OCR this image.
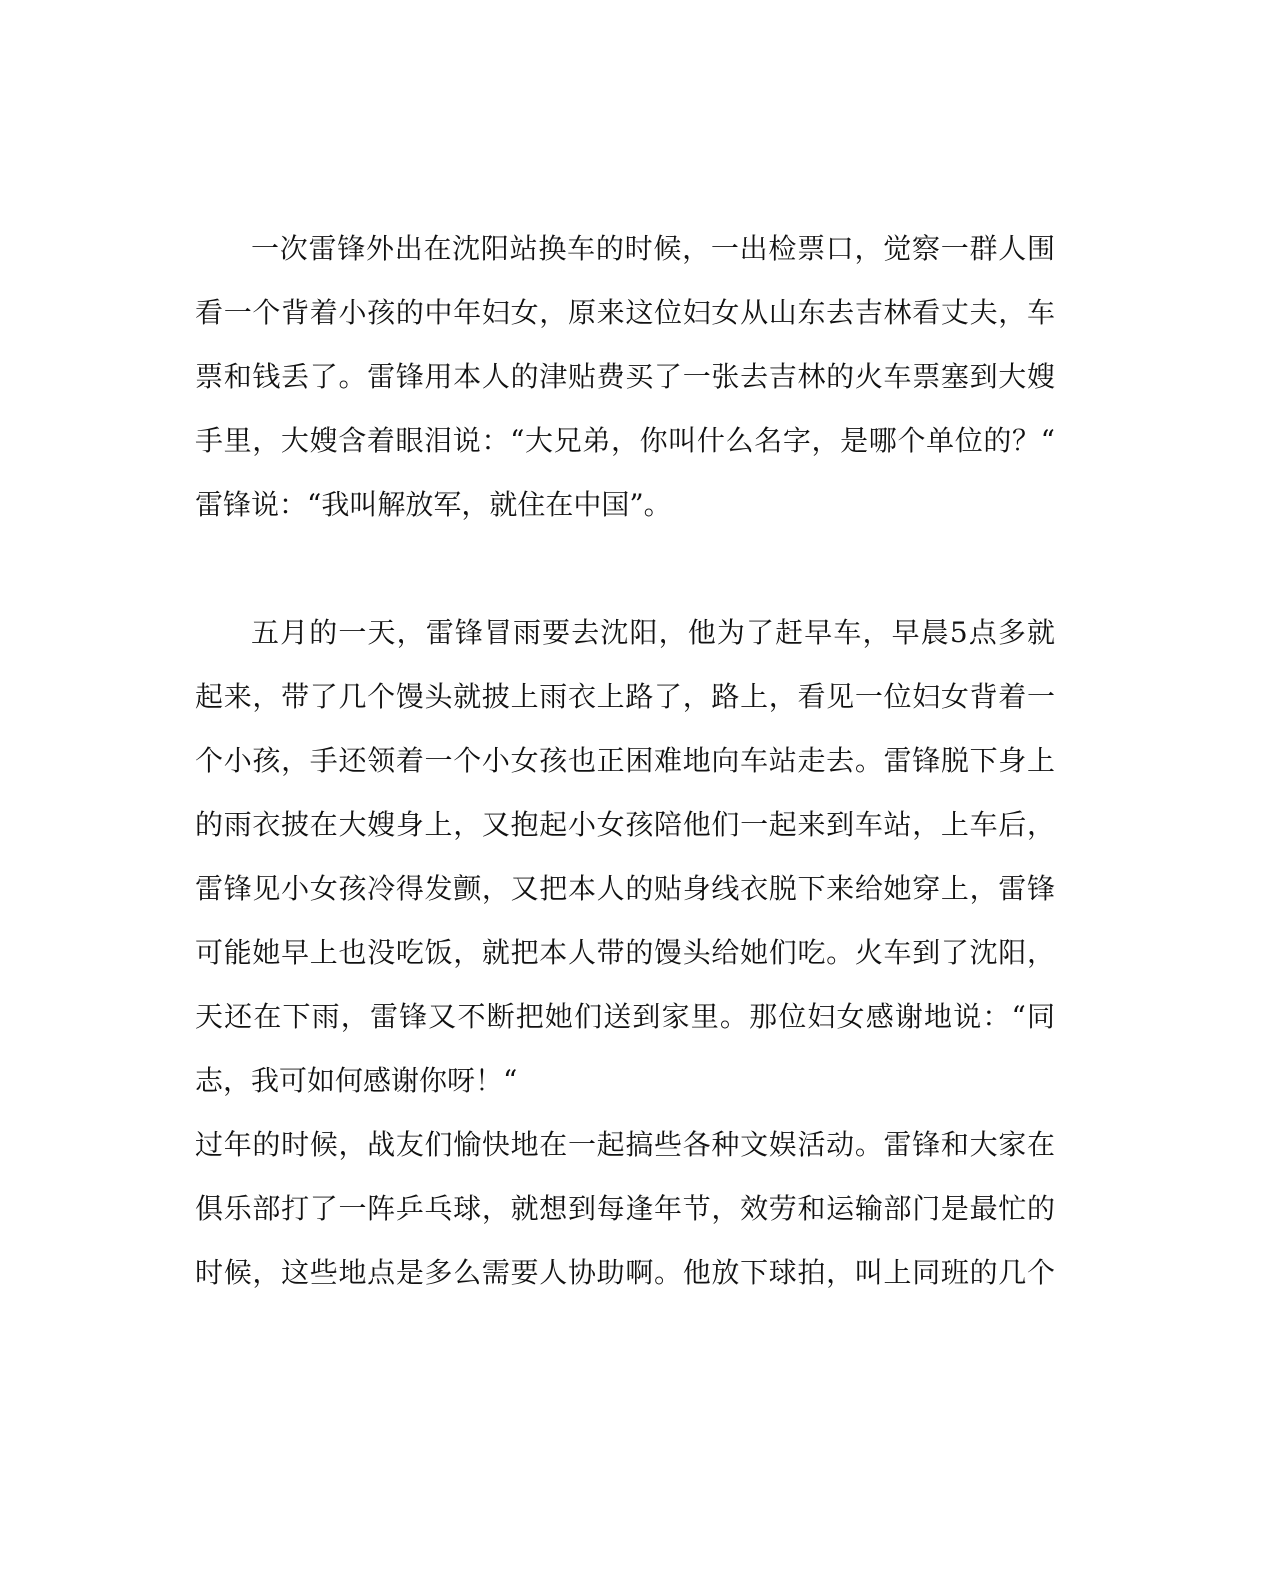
一次雷锋外出在沈阳站换车的时候，一出检票口，觉察一群人围
看一个背着小孩的中年妇女，原来这位妇女从山东去吉林看丈夫，车
票和钱丢了。雷锋用本人的津贴费买了一张去吉林的火车票塞到大嫂
手里，大嫂含着眼泪说：“大兄弟，你叫什么名字，是哪个单位的？“
雷锋说：“我叫解放军，就住在中国”。
五月的一天，雷锋冒雨要去沈阳，他为了赶早车，早晨5点多就
起来，带了几个馒头就披上雨衣上路了，路上，看见一位妇女背着一
个小孩，手还领着一个小女孩也正困难地向车站走去。雷锋脱下身上
的雨衣披在大嫂身上，又抱起小女孩陪他们一起来到车站，上车后，
雷锋见小女孩冷得发颤，又把本人的贴身线衣脱下来给她穿上，雷锋
可能她早上也没吃饭，就把本人带的馒头给她们吃。火车到了沈阳，
天还在下雨，雷锋又不断把她们送到家里。那位妇女感谢地说：“同
志，我可如何感谢你呀！“
过年的时候，战友们愉快地在一起搞些各种文娱活动。雷锋和大家在
俱乐部打了一阵乒乓球，就想到每逢年节，效劳和运输部门是最忙的
时候，这些地点是多么需要人协助啊。他放下球拍，叫上同班的几个
